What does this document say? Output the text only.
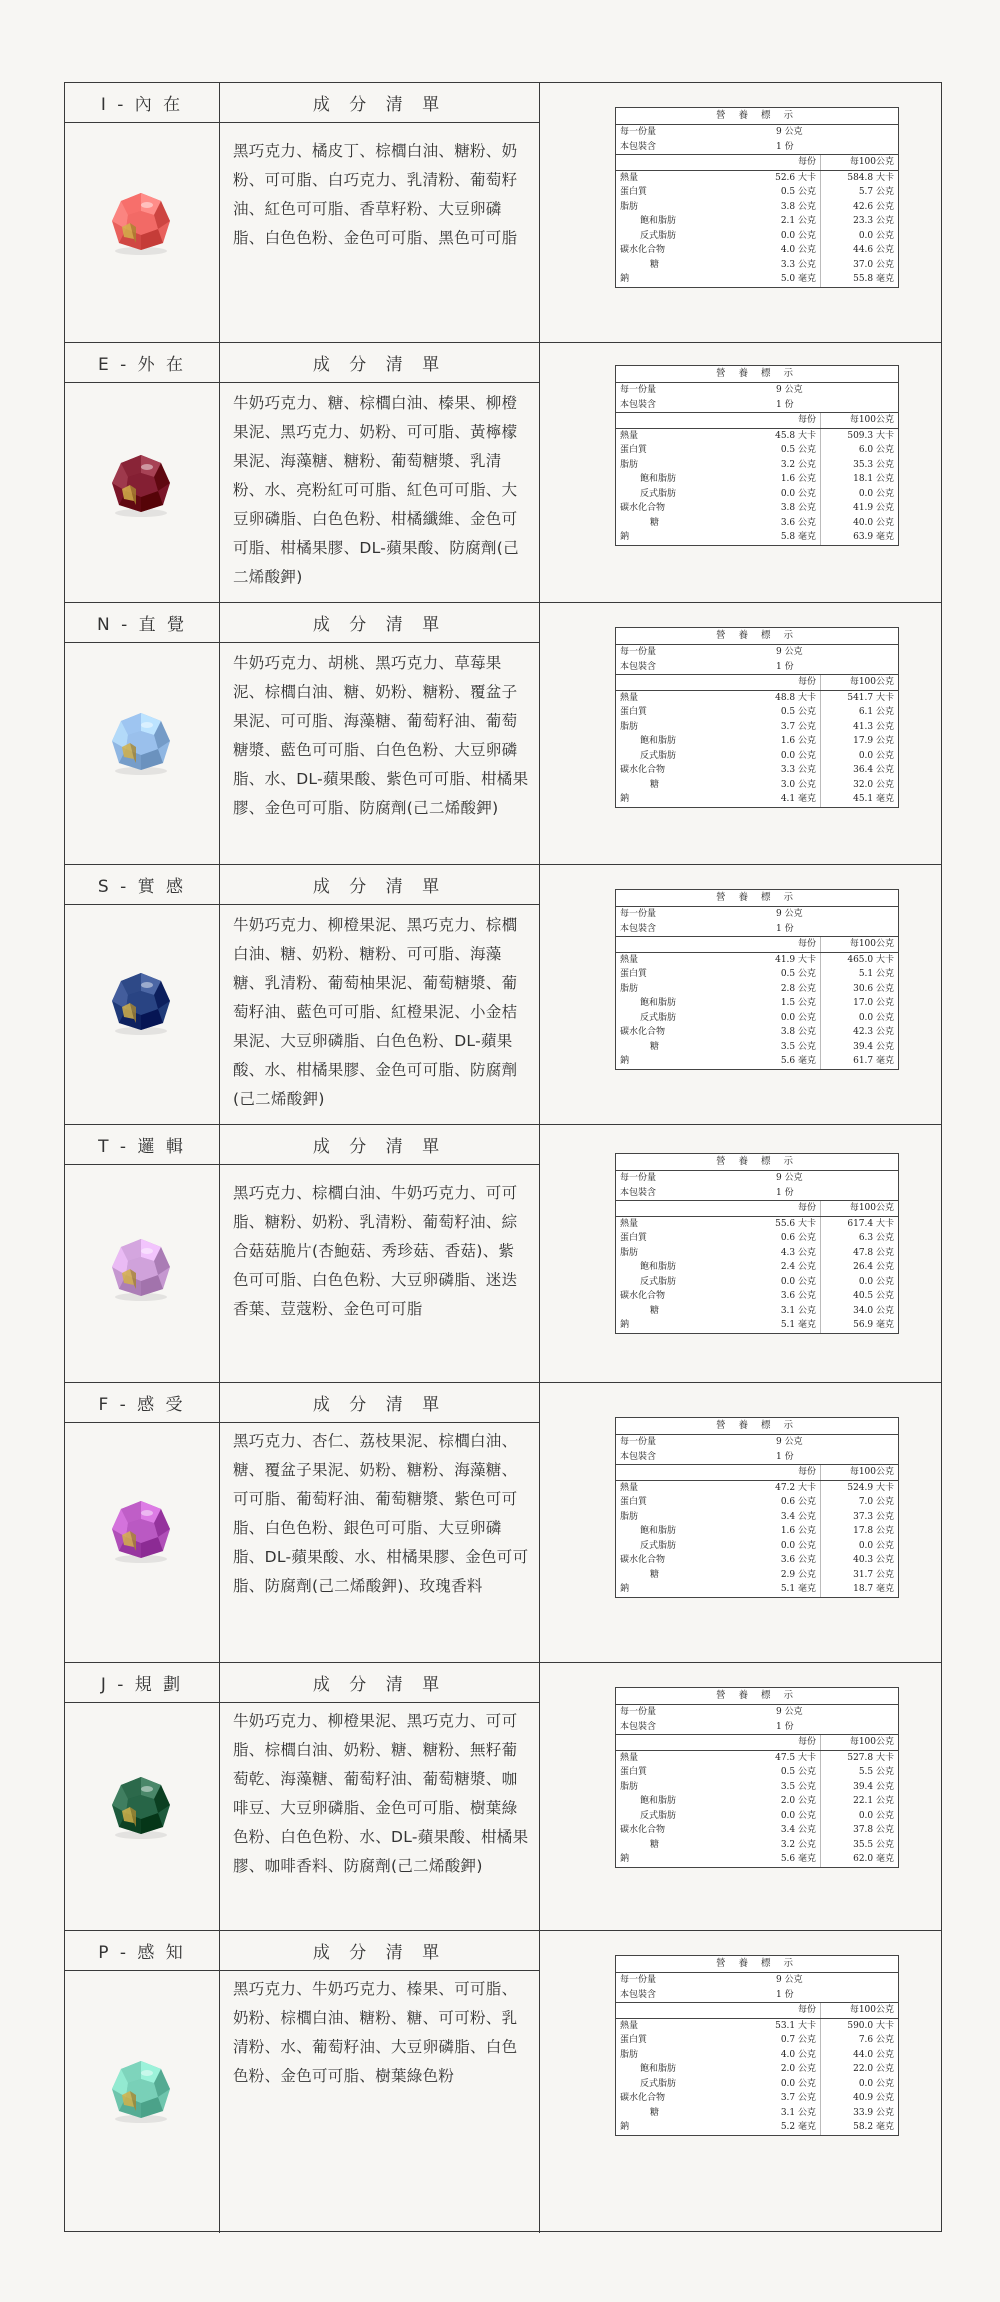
I - 內 在	成 分 清 單
黑巧克力、橘皮丁、棕櫚白油、糖粉、奶粉、可可脂、白巧克力、乳清粉、葡萄籽油、紅色可可脂、香草籽粉、大豆卵磷脂、白色色粉、金色可可脂、黑色可可脂
營 養 標 示
每一份量	9 公克
本包裝含	1 份
每份	每100公克
熱量	52.6 大卡	584.8 大卡
蛋白質	0.5 公克	5.7 公克
脂肪	3.8 公克	42.6 公克
飽和脂肪	2.1 公克	23.3 公克
反式脂肪	0.0 公克	0.0 公克
碳水化合物	4.0 公克	44.6 公克
糖	3.3 公克	37.0 公克
鈉	5.0 毫克	55.8 毫克
E - 外 在	成 分 清 單
牛奶巧克力、糖、棕櫚白油、榛果、柳橙果泥、黑巧克力、奶粉、可可脂、黃檸檬果泥、海藻糖、糖粉、葡萄糖漿、乳清粉、水、亮粉紅可可脂、紅色可可脂、大豆卵磷脂、白色色粉、柑橘纖維、金色可可脂、柑橘果膠、DL-蘋果酸、防腐劑(己二烯酸鉀)
營 養 標 示
每一份量	9 公克
本包裝含	1 份
每份	每100公克
熱量	45.8 大卡	509.3 大卡
蛋白質	0.5 公克	6.0 公克
脂肪	3.2 公克	35.3 公克
飽和脂肪	1.6 公克	18.1 公克
反式脂肪	0.0 公克	0.0 公克
碳水化合物	3.8 公克	41.9 公克
糖	3.6 公克	40.0 公克
鈉	5.8 毫克	63.9 毫克
N - 直 覺	成 分 清 單
牛奶巧克力、胡桃、黑巧克力、草莓果泥、棕櫚白油、糖、奶粉、糖粉、覆盆子果泥、可可脂、海藻糖、葡萄籽油、葡萄糖漿、藍色可可脂、白色色粉、大豆卵磷脂、水、DL-蘋果酸、紫色可可脂、柑橘果膠、金色可可脂、防腐劑(己二烯酸鉀)
營 養 標 示
每一份量	9 公克
本包裝含	1 份
每份	每100公克
熱量	48.8 大卡	541.7 大卡
蛋白質	0.5 公克	6.1 公克
脂肪	3.7 公克	41.3 公克
飽和脂肪	1.6 公克	17.9 公克
反式脂肪	0.0 公克	0.0 公克
碳水化合物	3.3 公克	36.4 公克
糖	3.0 公克	32.0 公克
鈉	4.1 毫克	45.1 毫克
S - 實 感	成 分 清 單
牛奶巧克力、柳橙果泥、黑巧克力、棕櫚白油、糖、奶粉、糖粉、可可脂、海藻糖、乳清粉、葡萄柚果泥、葡萄糖漿、葡萄籽油、藍色可可脂、紅橙果泥、小金桔果泥、大豆卵磷脂、白色色粉、DL-蘋果酸、水、柑橘果膠、金色可可脂、防腐劑(己二烯酸鉀)
營 養 標 示
每一份量	9 公克
本包裝含	1 份
每份	每100公克
熱量	41.9 大卡	465.0 大卡
蛋白質	0.5 公克	5.1 公克
脂肪	2.8 公克	30.6 公克
飽和脂肪	1.5 公克	17.0 公克
反式脂肪	0.0 公克	0.0 公克
碳水化合物	3.8 公克	42.3 公克
糖	3.5 公克	39.4 公克
鈉	5.6 毫克	61.7 毫克
T - 邏 輯	成 分 清 單
黑巧克力、棕櫚白油、牛奶巧克力、可可脂、糖粉、奶粉、乳清粉、葡萄籽油、綜合菇菇脆片(杏鮑菇、秀珍菇、香菇)、紫色可可脂、白色色粉、大豆卵磷脂、迷迭香葉、荳蔻粉、金色可可脂
營 養 標 示
每一份量	9 公克
本包裝含	1 份
每份	每100公克
熱量	55.6 大卡	617.4 大卡
蛋白質	0.6 公克	6.3 公克
脂肪	4.3 公克	47.8 公克
飽和脂肪	2.4 公克	26.4 公克
反式脂肪	0.0 公克	0.0 公克
碳水化合物	3.6 公克	40.5 公克
糖	3.1 公克	34.0 公克
鈉	5.1 毫克	56.9 毫克
F - 感 受	成 分 清 單
黑巧克力、杏仁、荔枝果泥、棕櫚白油、糖、覆盆子果泥、奶粉、糖粉、海藻糖、可可脂、葡萄籽油、葡萄糖漿、紫色可可脂、白色色粉、銀色可可脂、大豆卵磷脂、DL-蘋果酸、水、柑橘果膠、金色可可脂、防腐劑(己二烯酸鉀)、玫瑰香料
營 養 標 示
每一份量	9 公克
本包裝含	1 份
每份	每100公克
熱量	47.2 大卡	524.9 大卡
蛋白質	0.6 公克	7.0 公克
脂肪	3.4 公克	37.3 公克
飽和脂肪	1.6 公克	17.8 公克
反式脂肪	0.0 公克	0.0 公克
碳水化合物	3.6 公克	40.3 公克
糖	2.9 公克	31.7 公克
鈉	5.1 毫克	18.7 毫克
J - 規 劃	成 分 清 單
牛奶巧克力、柳橙果泥、黑巧克力、可可脂、棕櫚白油、奶粉、糖、糖粉、無籽葡萄乾、海藻糖、葡萄籽油、葡萄糖漿、咖啡豆、大豆卵磷脂、金色可可脂、樹葉綠色粉、白色色粉、水、DL-蘋果酸、柑橘果膠、咖啡香料、防腐劑(己二烯酸鉀)
營 養 標 示
每一份量	9 公克
本包裝含	1 份
每份	每100公克
熱量	47.5 大卡	527.8 大卡
蛋白質	0.5 公克	5.5 公克
脂肪	3.5 公克	39.4 公克
飽和脂肪	2.0 公克	22.1 公克
反式脂肪	0.0 公克	0.0 公克
碳水化合物	3.4 公克	37.8 公克
糖	3.2 公克	35.5 公克
鈉	5.6 毫克	62.0 毫克
P - 感 知	成 分 清 單
黑巧克力、牛奶巧克力、榛果、可可脂、奶粉、棕櫚白油、糖粉、糖、可可粉、乳清粉、水、葡萄籽油、大豆卵磷脂、白色色粉、金色可可脂、樹葉綠色粉
營 養 標 示
每一份量	9 公克
本包裝含	1 份
每份	每100公克
熱量	53.1 大卡	590.0 大卡
蛋白質	0.7 公克	7.6 公克
脂肪	4.0 公克	44.0 公克
飽和脂肪	2.0 公克	22.0 公克
反式脂肪	0.0 公克	0.0 公克
碳水化合物	3.7 公克	40.9 公克
糖	3.1 公克	33.9 公克
鈉	5.2 毫克	58.2 毫克
